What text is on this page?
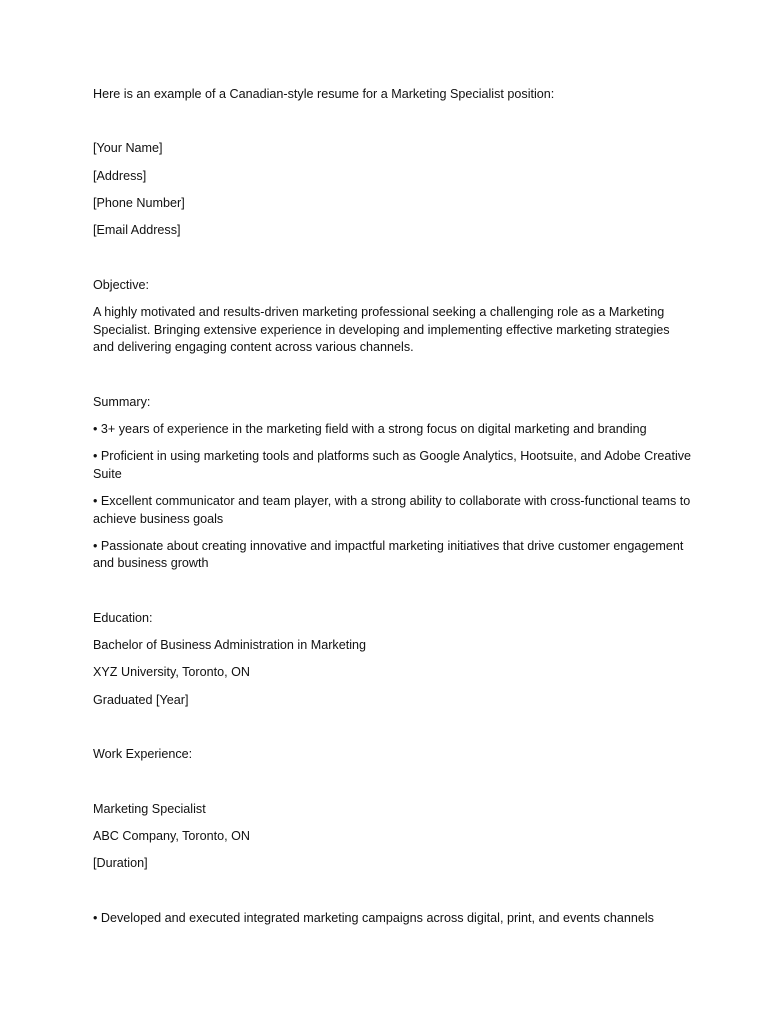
Here is an example of a Canadian-style resume for a Marketing Specialist position:
[Your Name]
[Address]
[Phone Number]
[Email Address]
Objective:
A highly motivated and results-driven marketing professional seeking a challenging role as a Marketing Specialist. Bringing extensive experience in developing and implementing effective marketing strategies and delivering engaging content across various channels.
Summary:
• 3+ years of experience in the marketing field with a strong focus on digital marketing and branding
• Proficient in using marketing tools and platforms such as Google Analytics, Hootsuite, and Adobe Creative Suite
• Excellent communicator and team player, with a strong ability to collaborate with cross-functional teams to achieve business goals
• Passionate about creating innovative and impactful marketing initiatives that drive customer engagement and business growth
Education:
Bachelor of Business Administration in Marketing
XYZ University, Toronto, ON
Graduated [Year]
Work Experience:
Marketing Specialist
ABC Company, Toronto, ON
[Duration]
• Developed and executed integrated marketing campaigns across digital, print, and events channels
